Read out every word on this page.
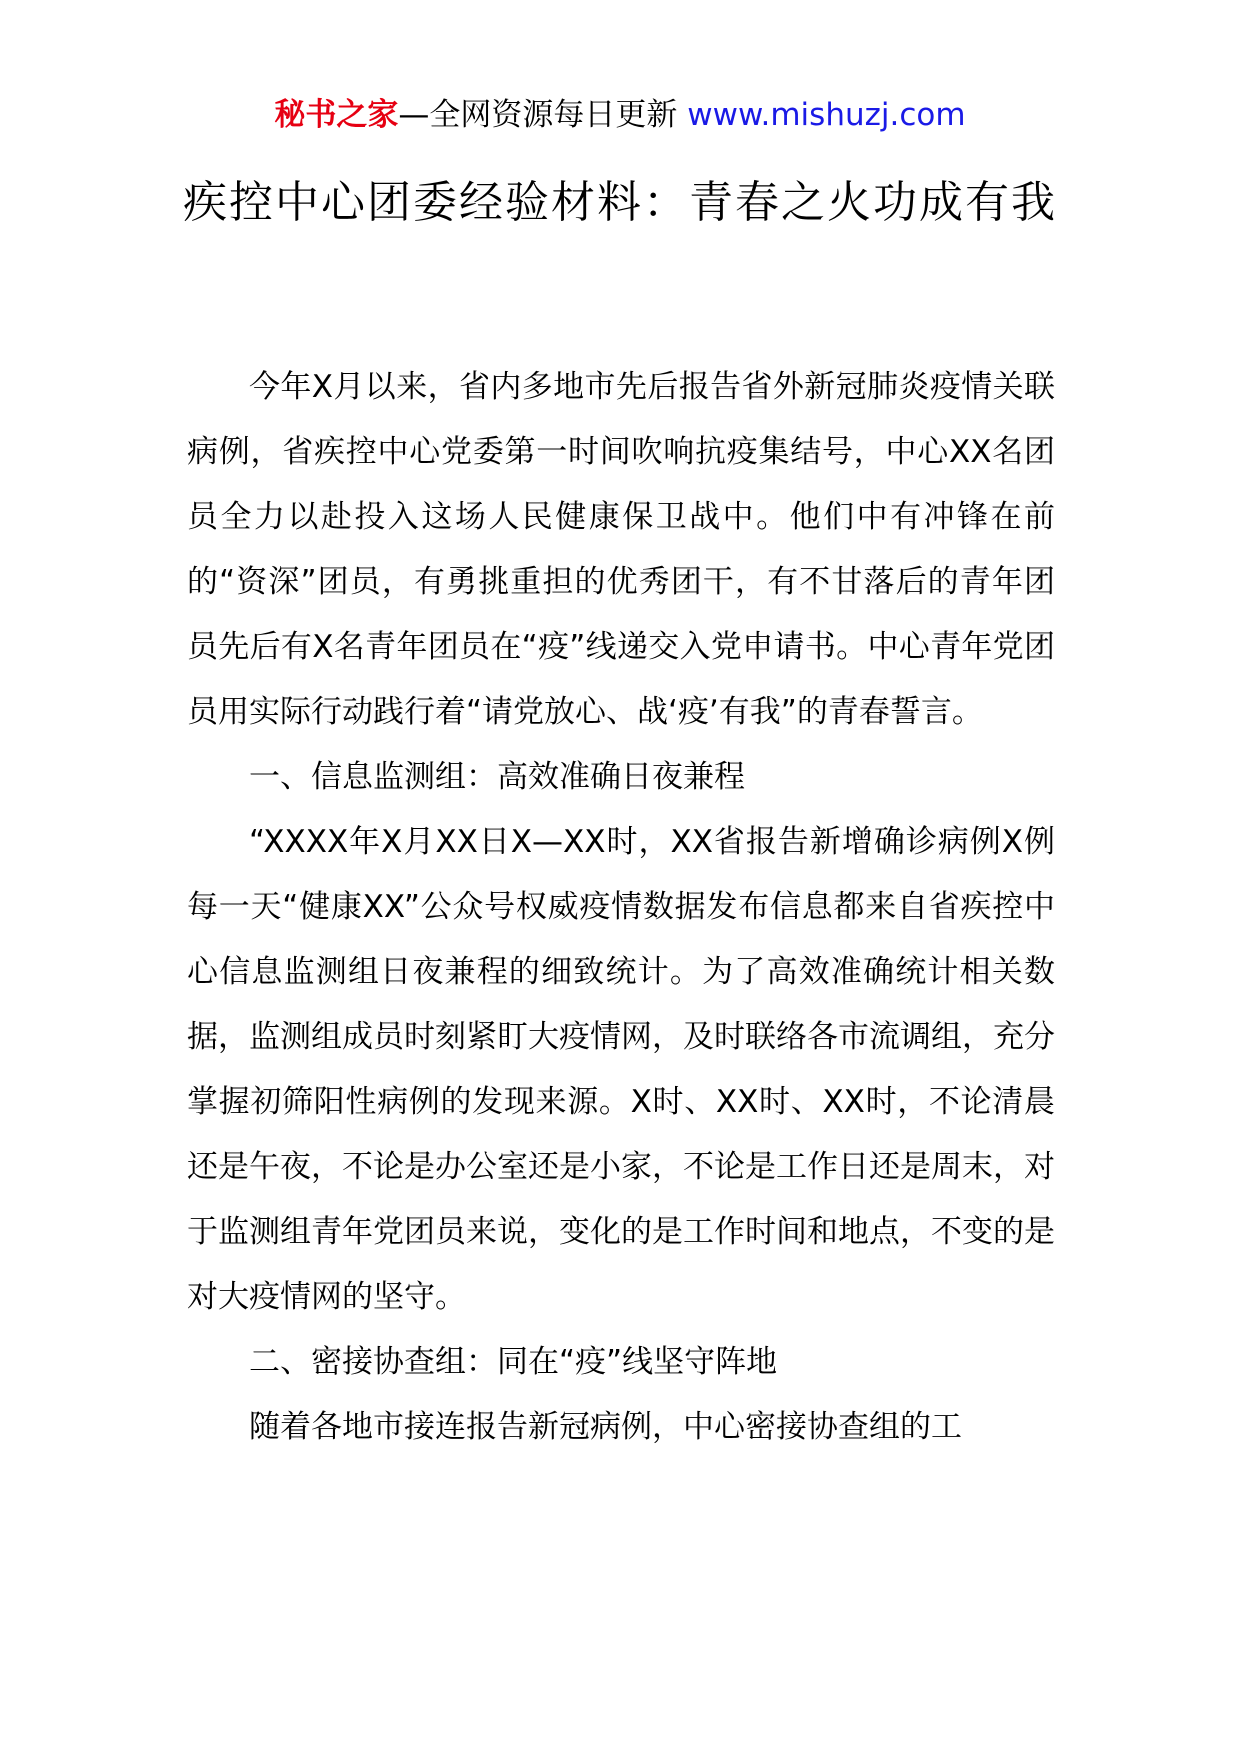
秘书之家—全网资源每日更新 www.mishuzj.com
疾控中心团委经验材料：青春之火功成有我

今年X月以来，省内多地市先后报告省外新冠肺炎疫情关联病例，省疾控中心党委第一时间吹响抗疫集结号，中心XX名团员全力以赴投入这场人民健康保卫战中。他们中有冲锋在前的“资深”团员，有勇挑重担的优秀团干，有不甘落后的青年团员先后有X名青年团员在“疫”线递交入党申请书。中心青年党团员用实际行动践行着“请党放心、战‘疫’有我”的青春誓言。

一、信息监测组：高效准确日夜兼程

“XXXX年X月XX日X—XX时，XX省报告新增确诊病例X例每一天“健康XX”公众号权威疫情数据发布信息都来自省疾控中心信息监测组日夜兼程的细致统计。为了高效准确统计相关数据，监测组成员时刻紧盯大疫情网，及时联络各市流调组，充分掌握初筛阳性病例的发现来源。X时、XX时、XX时，不论清晨还是午夜，不论是办公室还是小家，不论是工作日还是周末，对于监测组青年党团员来说，变化的是工作时间和地点，不变的是对大疫情网的坚守。

二、密接协查组：同在“疫”线坚守阵地

随着各地市接连报告新冠病例，中心密接协查组的工
